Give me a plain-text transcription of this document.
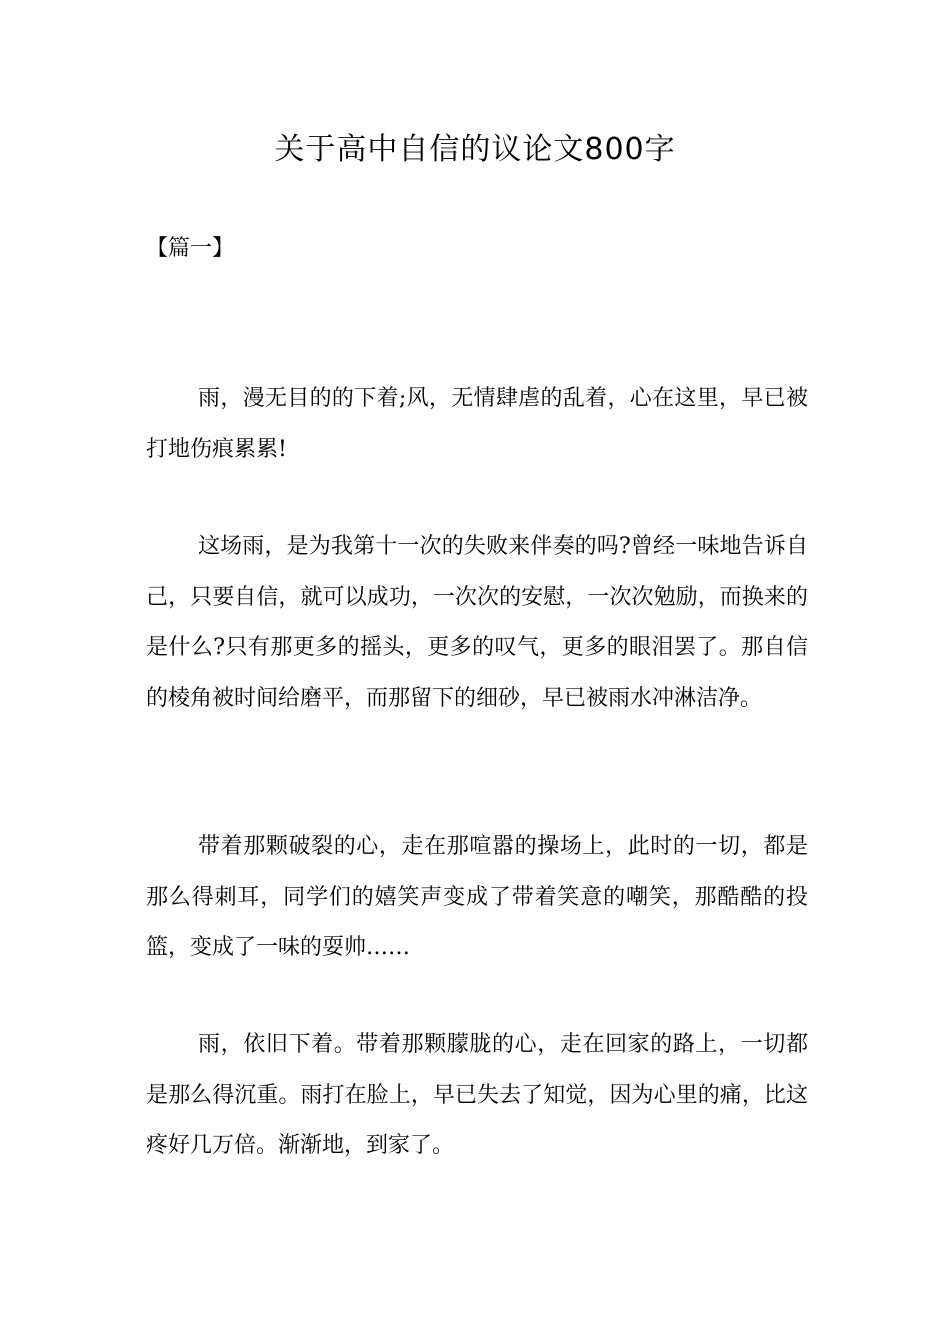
关于高中自信的议论文800字
【篇一】

雨，漫无目的的下着;风，无情肆虐的乱着，心在这里，早已被打地伤痕累累!

这场雨，是为我第十一次的失败来伴奏的吗?曾经一味地告诉自己，只要自信，就可以成功，一次次的安慰，一次次勉励，而换来的是什么?只有那更多的摇头，更多的叹气，更多的眼泪罢了。那自信的棱角被时间给磨平，而那留下的细砂，早已被雨水冲淋洁净。

带着那颗破裂的心，走在那喧嚣的操场上，此时的一切，都是那么得刺耳，同学们的嬉笑声变成了带着笑意的嘲笑，那酷酷的投篮，变成了一味的耍帅……

雨，依旧下着。带着那颗朦胧的心，走在回家的路上，一切都是那么得沉重。雨打在脸上，早已失去了知觉，因为心里的痛，比这疼好几万倍。渐渐地，到家了。
